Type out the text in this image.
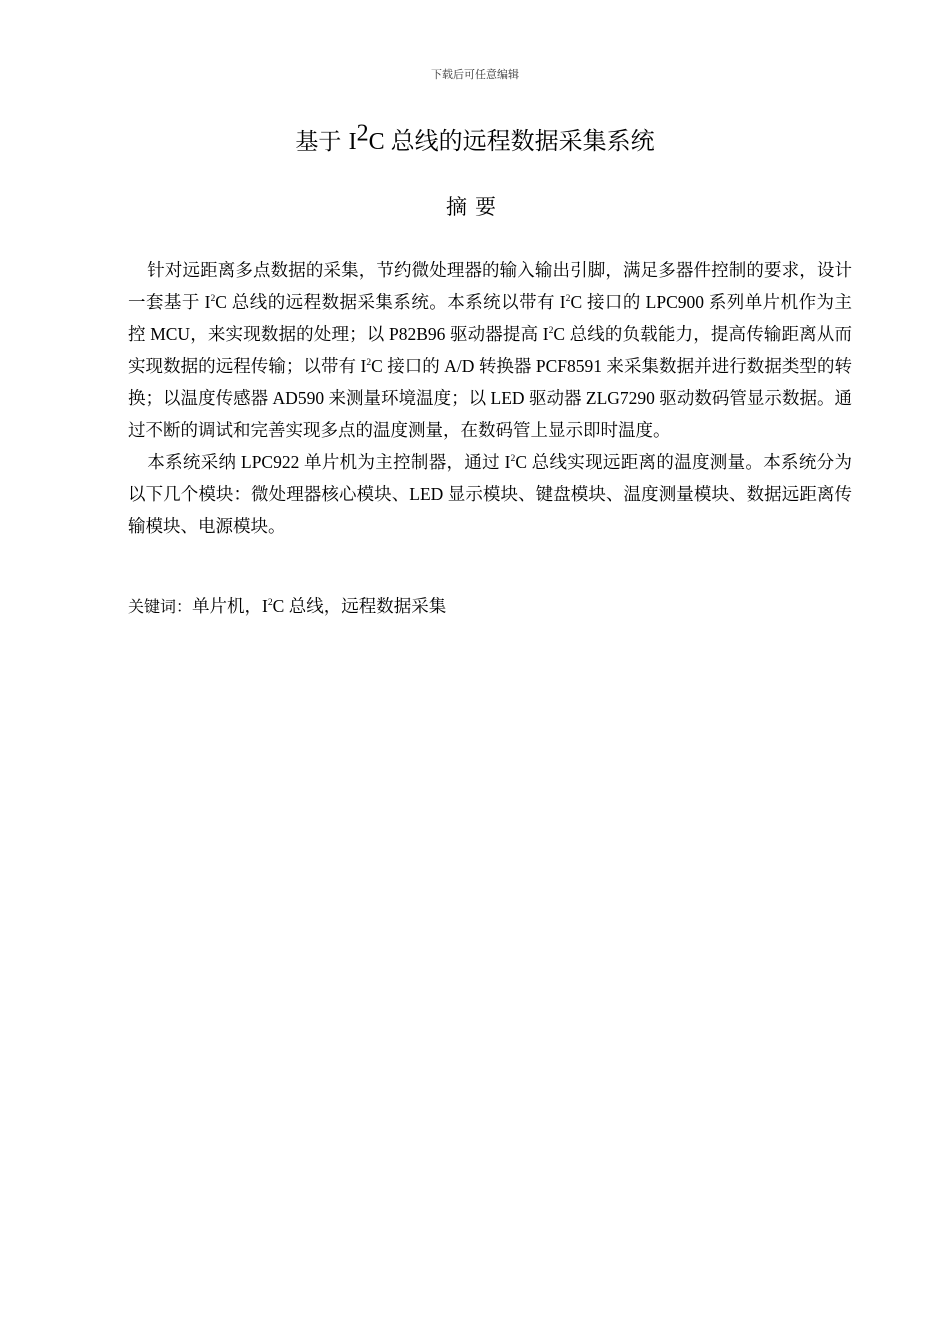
下载后可任意编辑
基于 $I^2C$ 总线的远程数据采集系统
摘要

针对远距离多点数据的采集，节约微处理器的输入输出引脚，满足多器件控制的要求，设计一套基于 $I^2C$ 总线的远程数据采集系统。本系统以带有 $I^2C$ 接口的 LPC900 系列单片机作为主控 MCU，来实现数据的处理；以 P82B96 驱动器提高 $I^2C$ 总线的负载能力，提高传输距离从而实现数据的远程传输；以带有 $I^2C$ 接口的 A/D 转换器 PCF8591 来采集数据并进行数据类型的转换；以温度传感器 AD590 来测量环境温度；以 LED 驱动器 ZLG7290 驱动数码管显示数据。通过不断的调试和完善实现多点的温度测量，在数码管上显示即时温度。

本系统采纳 LPC922 单片机为主控制器，通过 $I^2C$ 总线实现远距离的温度测量。本系统分为以下几个模块：微处理器核心模块、LED 显示模块、键盘模块、温度测量模块、数据远距离传输模块、电源模块。

关键词：单片机，$I^2C$ 总线，远程数据采集
